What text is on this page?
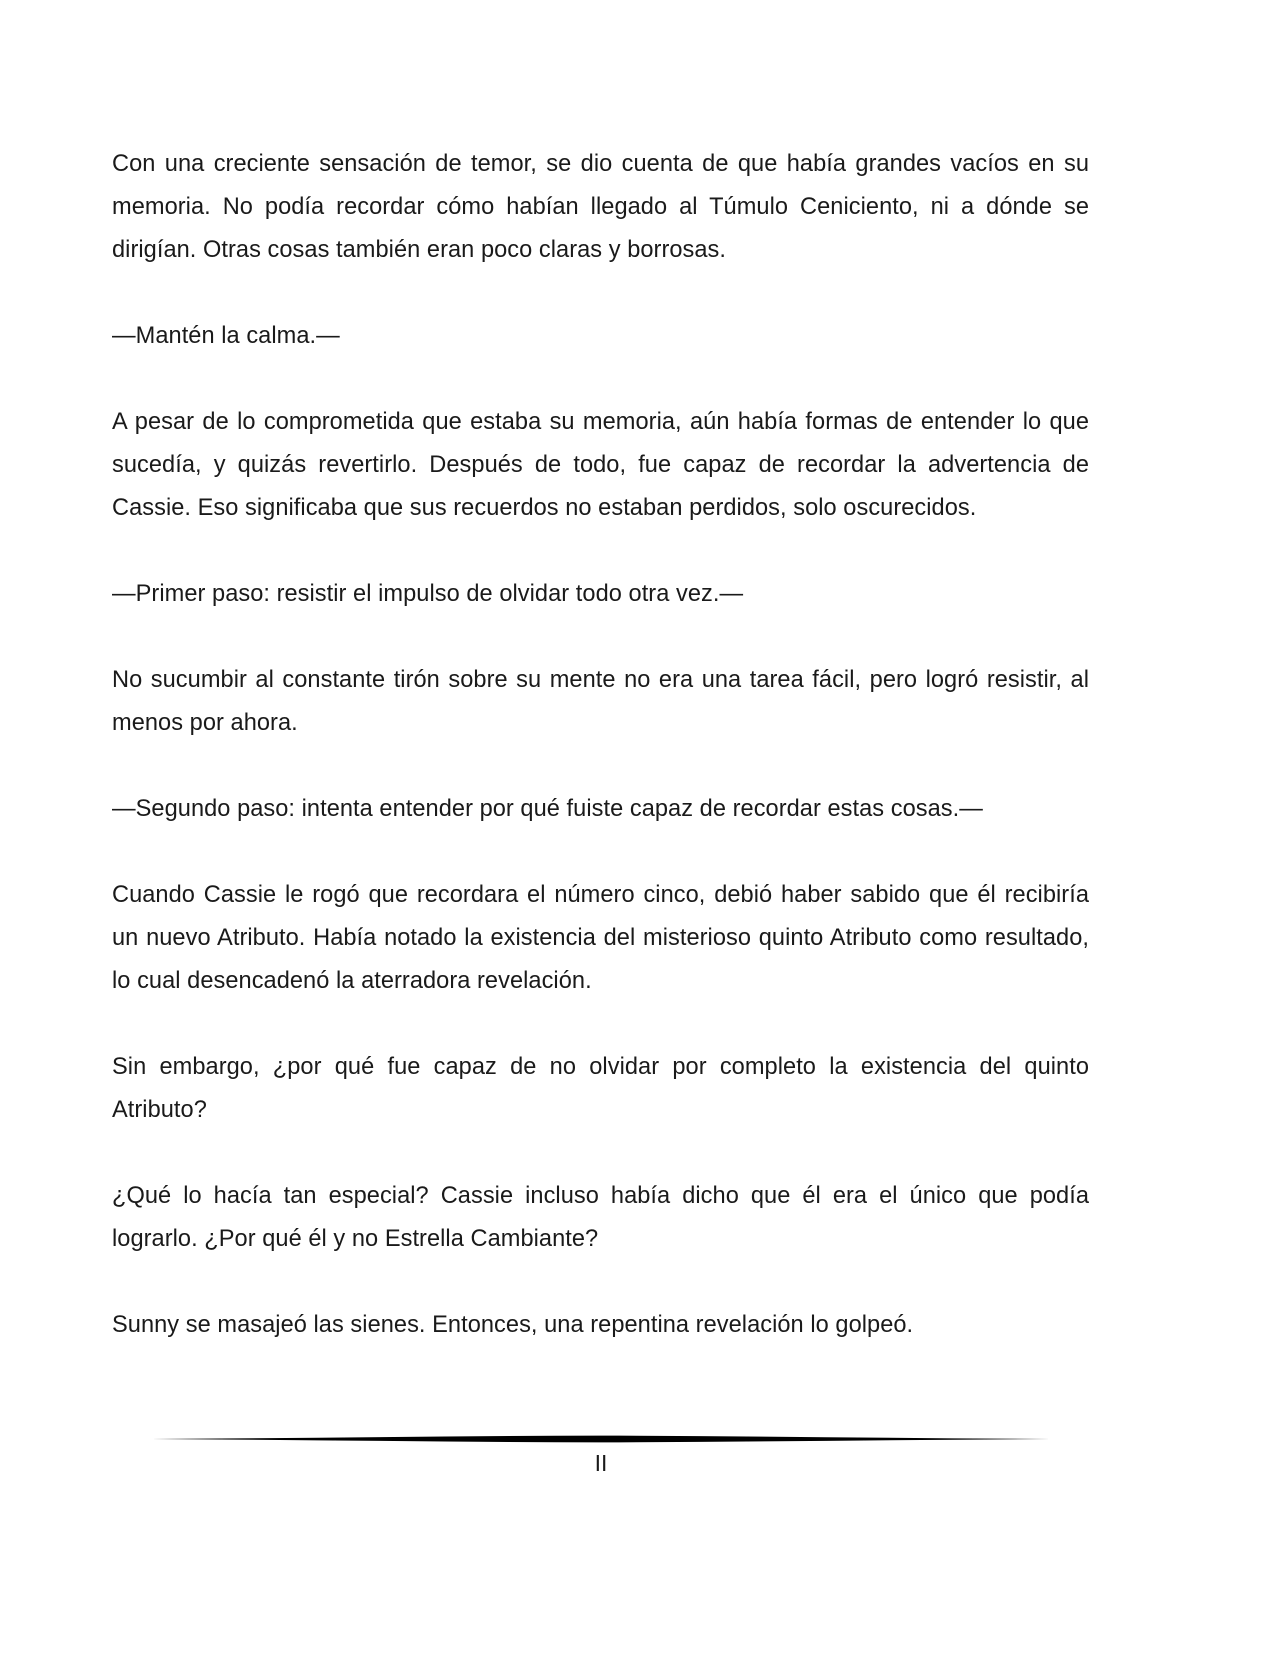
Con una creciente sensación de temor, se dio cuenta de que había grandes vacíos en su memoria. No podía recordar cómo habían llegado al Túmulo Ceniciento, ni a dónde se dirigían. Otras cosas también eran poco claras y borrosas.

—Mantén la calma.—

A pesar de lo comprometida que estaba su memoria, aún había formas de entender lo que sucedía, y quizás revertirlo. Después de todo, fue capaz de recordar la advertencia de Cassie. Eso significaba que sus recuerdos no estaban perdidos, solo oscurecidos.

—Primer paso: resistir el impulso de olvidar todo otra vez.—

No sucumbir al constante tirón sobre su mente no era una tarea fácil, pero logró resistir, al menos por ahora.

—Segundo paso: intenta entender por qué fuiste capaz de recordar estas cosas.—

Cuando Cassie le rogó que recordara el número cinco, debió haber sabido que él recibiría un nuevo Atributo. Había notado la existencia del misterioso quinto Atributo como resultado, lo cual desencadenó la aterradora revelación.

Sin embargo, ¿por qué fue capaz de no olvidar por completo la existencia del quinto Atributo?

¿Qué lo hacía tan especial? Cassie incluso había dicho que él era el único que podía lograrlo. ¿Por qué él y no Estrella Cambiante?

Sunny se masajeó las sienes. Entonces, una repentina revelación lo golpeó.

II
